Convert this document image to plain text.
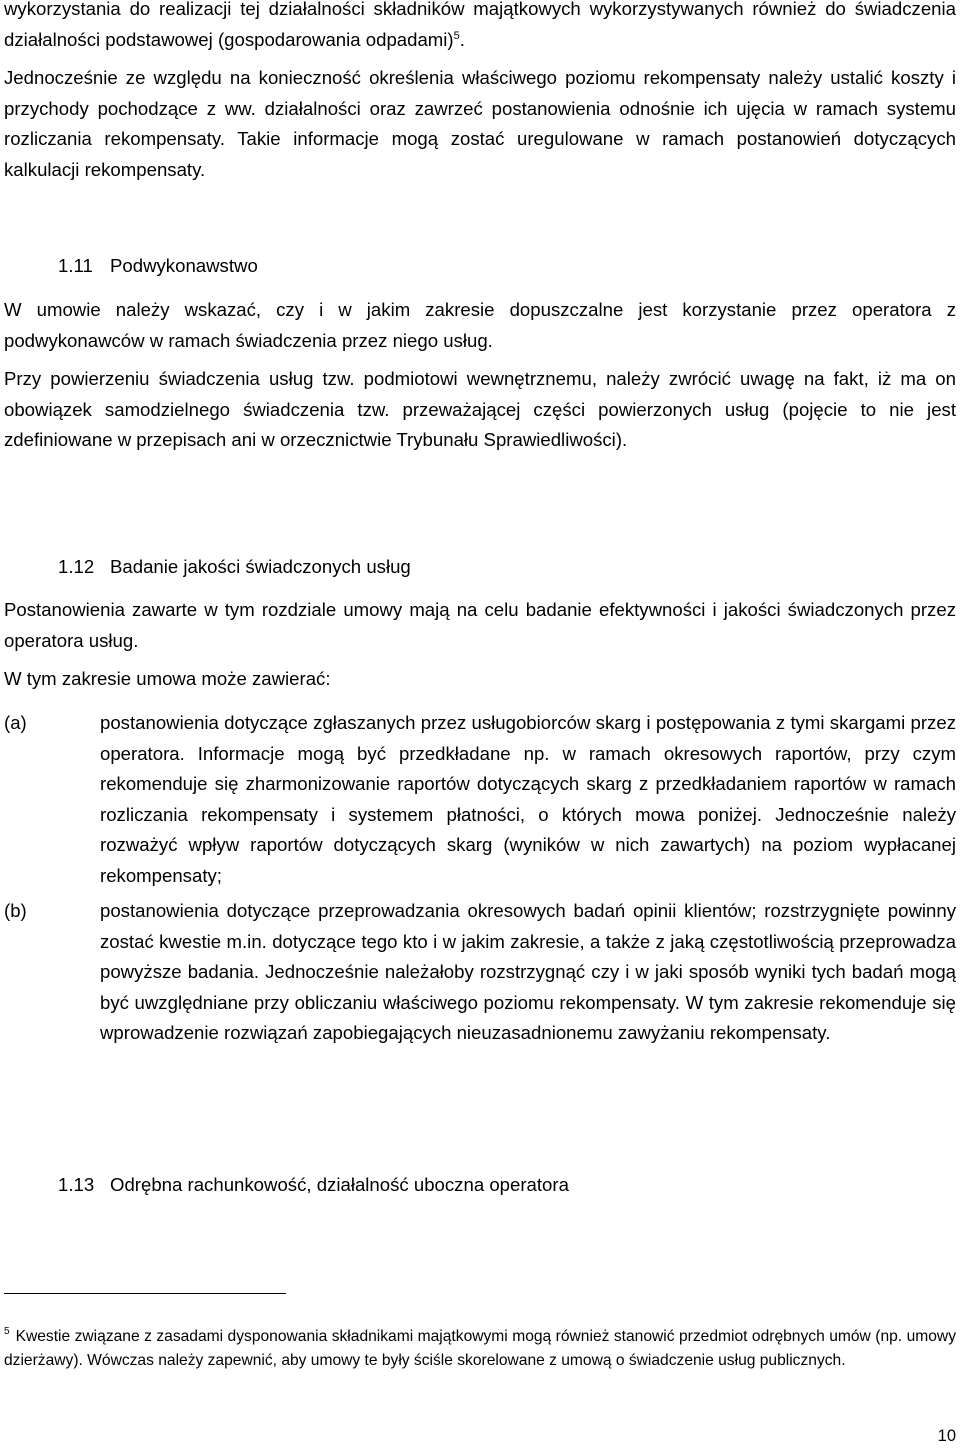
wykorzystania do realizacji tej działalności składników majątkowych wykorzystywanych również do świadczenia działalności podstawowej (gospodarowania odpadami)$^5$.

Jednocześnie ze względu na konieczność określenia właściwego poziomu rekompensaty należy ustalić koszty i przychody pochodzące z ww. działalności oraz zawrzeć postanowienia odnośnie ich ujęcia w ramach systemu rozliczania rekompensaty. Takie informacje mogą zostać uregulowane w ramach postanowień dotyczących kalkulacji rekompensaty.

1.11 Podwykonawstwo

W umowie należy wskazać, czy i w jakim zakresie dopuszczalne jest korzystanie przez operatora z podwykonawców w ramach świadczenia przez niego usług.

Przy powierzeniu świadczenia usług tzw. podmiotowi wewnętrznemu, należy zwrócić uwagę na fakt, iż ma on obowiązek samodzielnego świadczenia tzw. przeważającej części powierzonych usług (pojęcie to nie jest zdefiniowane w przepisach ani w orzecznictwie Trybunału Sprawiedliwości).

1.12 Badanie jakości świadczonych usług

Postanowienia zawarte w tym rozdziale umowy mają na celu badanie efektywności i jakości świadczonych przez operatora usług.

W tym zakresie umowa może zawierać:

(a)	postanowienia dotyczące zgłaszanych przez usługobiorców skarg i postępowania z tymi skargami przez operatora. Informacje mogą być przedkładane np. w ramach okresowych raportów, przy czym rekomenduje się zharmonizowanie raportów dotyczących skarg z przedkładaniem raportów w ramach rozliczania rekompensaty i systemem płatności, o których mowa poniżej. Jednocześnie należy rozważyć wpływ raportów dotyczących skarg (wyników w nich zawartych) na poziom wypłacanej rekompensaty;
(b)	postanowienia dotyczące przeprowadzania okresowych badań opinii klientów; rozstrzygnięte powinny zostać kwestie m.in. dotyczące tego kto i w jakim zakresie, a także z jaką częstotliwością przeprowadza powyższe badania. Jednocześnie należałoby rozstrzygnąć czy i w jaki sposób wyniki tych badań mogą być uwzględniane przy obliczaniu właściwego poziomu rekompensaty. W tym zakresie rekomenduje się wprowadzenie rozwiązań zapobiegających nieuzasadnionemu zawyżaniu rekompensaty.
1.13 Odrębna rachunkowość, działalność uboczna operatora

$^5$ Kwestie związane z zasadami dysponowania składnikami majątkowymi mogą również stanowić przedmiot odrębnych umów (np. umowy dzierżawy). Wówczas należy zapewnić, aby umowy te były ściśle skorelowane z umową o świadczenie usług publicznych.

10
